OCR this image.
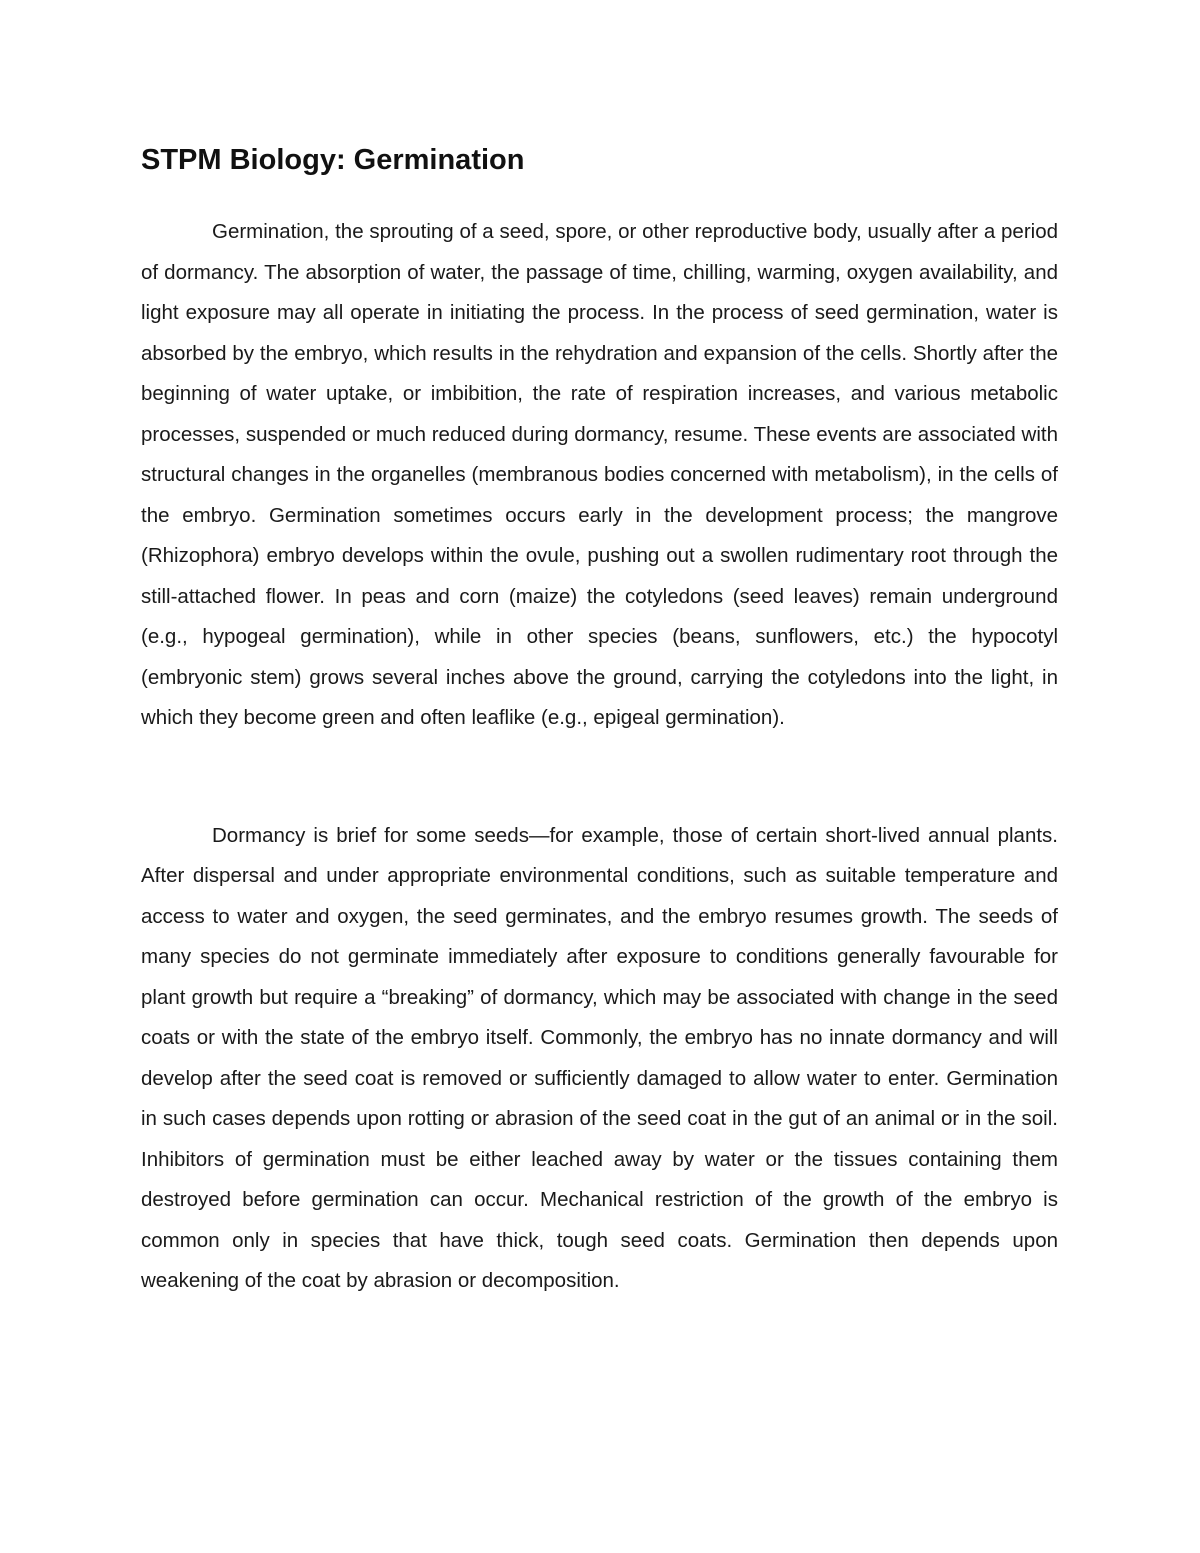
STPM Biology: Germination

Germination, the sprouting of a seed, spore, or other reproductive body, usually after a period of dormancy. The absorption of water, the passage of time, chilling, warming, oxygen availability, and light exposure may all operate in initiating the process. In the process of seed germination, water is absorbed by the embryo, which results in the rehydration and expansion of the cells. Shortly after the beginning of water uptake, or imbibition, the rate of respiration increases, and various metabolic processes, suspended or much reduced during dormancy, resume. These events are associated with structural changes in the organelles (membranous bodies concerned with metabolism), in the cells of the embryo. Germination sometimes occurs early in the development process; the mangrove (Rhizophora) embryo develops within the ovule, pushing out a swollen rudimentary root through the still-attached flower. In peas and corn (maize) the cotyledons (seed leaves) remain underground (e.g., hypogeal germination), while in other species (beans, sunflowers, etc.) the hypocotyl (embryonic stem) grows several inches above the ground, carrying the cotyledons into the light, in which they become green and often leaflike (e.g., epigeal germination).

Dormancy is brief for some seeds—for example, those of certain short-lived annual plants. After dispersal and under appropriate environmental conditions, such as suitable temperature and access to water and oxygen, the seed germinates, and the embryo resumes growth. The seeds of many species do not germinate immediately after exposure to conditions generally favourable for plant growth but require a “breaking” of dormancy, which may be associated with change in the seed coats or with the state of the embryo itself. Commonly, the embryo has no innate dormancy and will develop after the seed coat is removed or sufficiently damaged to allow water to enter. Germination in such cases depends upon rotting or abrasion of the seed coat in the gut of an animal or in the soil. Inhibitors of germination must be either leached away by water or the tissues containing them destroyed before germination can occur. Mechanical restriction of the growth of the embryo is common only in species that have thick, tough seed coats. Germination then depends upon weakening of the coat by abrasion or decomposition.
